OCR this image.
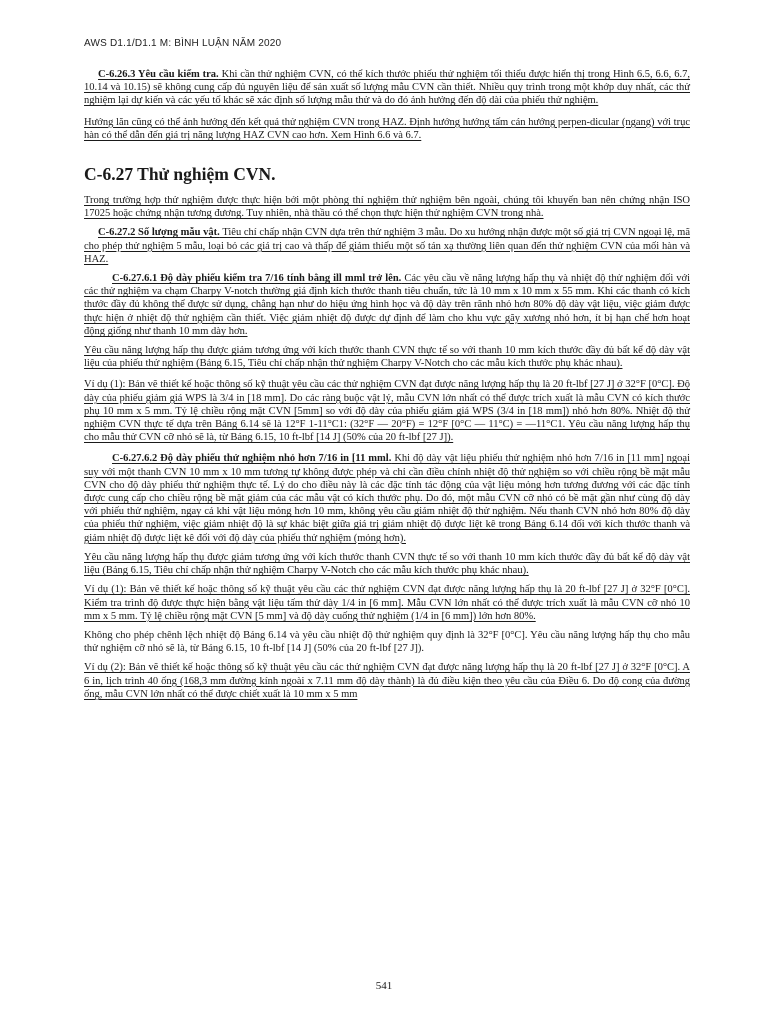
AWS D1.1/D1.1 M: BÌNH LUẬN NĂM 2020

C-6.26.3 Yêu cầu kiểm tra. Khi cần thử nghiệm CVN, có thể kích thước phiếu thử nghiệm tối thiểu được hiển thị trong Hình 6.5, 6.6, 6.7, 10.14 và 10.15) sẽ không cung cấp đủ nguyên liệu để sản xuất số lượng mẫu CVN cần thiết. Nhiều quy trình trong một khớp duy nhất, các thử nghiệm lại dự kiến và các yếu tố khác sẽ xác định số lượng mẫu thử và do đó ảnh hưởng đến độ dài của phiếu thử nghiệm.

Hướng lăn cũng có thể ảnh hưởng đến kết quả thử nghiệm CVN trong HAZ. Định hướng hướng tấm cán hướng perpen-dicular (ngang) với trục hàn có thể dẫn đến giá trị năng lượng HAZ CVN cao hơn. Xem Hình 6.6 và 6.7.

C-6.27 Thử nghiệm CVN.

Trong trường hợp thử nghiệm được thực hiện bởi một phòng thí nghiệm thử nghiệm bên ngoài, chúng tôi khuyến ban nên chứng nhận ISO 17025 hoặc chứng nhận tương đương. Tuy nhiên, nhà thầu có thể chọn thực hiện thử nghiệm CVN trong nhà.

C-6.27.2 Số lượng mẫu vật. Tiêu chí chấp nhận CVN dựa trên thử nghiệm 3 mẫu. Do xu hướng nhận được một số giá trị CVN ngoại lệ, mã cho phép thử nghiệm 5 mẫu, loại bỏ các giá trị cao và thấp để giảm thiểu một số tán xạ thường liên quan đến thử nghiệm CVN của mối hàn và HAZ.

C-6.27.6.1 Độ dày phiếu kiểm tra 7/16 tính bằng ill mml trở lên. Các yêu cầu về năng lượng hấp thụ và nhiệt độ thử nghiệm đối với các thử nghiệm va chạm Charpy V-notch thường giả định kích thước thanh tiêu chuẩn, tức là 10 mm x 10 mm x 55 mm. Khi các thanh có kích thước đầy đủ không thể được sử dụng, chẳng hạn như do hiệu ứng hình học và độ dày trên rãnh nhỏ hơn 80% độ dày vật liệu, việc giảm được thực hiện ở nhiệt độ thử nghiệm cần thiết. Việc giảm nhiệt độ được dự định để làm cho khu vực gãy xương nhỏ hơn, ít bị hạn chế hơn hoạt động giống như thanh 10 mm dày hơn.

Yêu cầu năng lượng hấp thụ được giảm tương ứng với kích thước thanh CVN thực tế so với thanh 10 mm kích thước đầy đủ bất kể độ dày vật liệu của phiếu thử nghiệm (Bảng 6.15, Tiêu chí chấp nhận thử nghiệm Charpy V-Notch cho các mẫu kích thước phụ khác nhau).

Ví dụ (1): Bản vẽ thiết kế hoặc thông số kỹ thuật yêu cầu các thử nghiệm CVN đạt được năng lượng hấp thụ là 20 ft-lbf [27 J] ở 32°F [0°C]. Độ dày của phiếu giảm giá WPS là 3/4 in [18 mm]. Do các ràng buộc vật lý, mẫu CVN lớn nhất có thể được trích xuất là mẫu CVN có kích thước phụ 10 mm x 5 mm. Tỷ lệ chiều rộng mặt CVN [5mm] so với độ dày của phiếu giảm giá WPS (3/4 in [18 mm]) nhỏ hơn 80%. Nhiệt độ thử nghiệm CVN thực tế dựa trên Bảng 6.14 sẽ là 12°F 1-11°C1: (32°F — 20°F) = 12°F [0°C — 11°C) = —11°C1. Yêu cầu năng lượng hấp thụ cho mẫu thử CVN cỡ nhỏ sẽ là, từ Bảng 6.15, 10 ft-lbf [14 J] (50% của 20 ft-lbf [27 J]).

C-6.27.6.2 Độ dày phiếu thử nghiệm nhỏ hơn 7/16 in [11 mml. Khi độ dày vật liệu phiếu thử nghiệm nhỏ hơn 7/16 in [11 mm] ngoại suy với một thanh CVN 10 mm x 10 mm tương tự không được phép và chỉ cần điều chỉnh nhiệt độ thử nghiệm so với chiều rộng bề mặt mẫu CVN cho độ dày phiếu thử nghiệm thực tế. Lý do cho điều này là các đặc tính tác động của vật liệu mỏng hơn tương đương với các đặc tính được cung cấp cho chiều rộng bề mặt giảm của các mẫu vật có kích thước phụ. Do đó, một mẫu CVN cỡ nhỏ có bề mặt gần như cùng độ dày với phiếu thử nghiệm, ngay cả khi vật liệu mỏng hơn 10 mm, không yêu cầu giảm nhiệt độ thử nghiệm. Nếu thanh CVN nhỏ hơn 80% độ dày của phiếu thử nghiệm, việc giảm nhiệt độ là sự khác biệt giữa giá trị giảm nhiệt độ được liệt kê trong Bảng 6.14 đối với kích thước thanh và giảm nhiệt độ được liệt kê đối với độ dày của phiếu thử nghiệm (mỏng hơn).

Yêu cầu năng lượng hấp thụ được giảm tương ứng với kích thước thanh CVN thực tế so với thanh 10 mm kích thước đầy đủ bất kể độ dày vật liệu (Bảng 6.15, Tiêu chí chấp nhận thử nghiệm Charpy V-Notch cho các mẫu kích thước phụ khác nhau).

Ví dụ (1): Bản vẽ thiết kế hoặc thông số kỹ thuật yêu cầu các thử nghiệm CVN đạt được năng lượng hấp thụ là 20 ft-lbf [27 J] ở 32°F [0°C]. Kiểm tra trình độ được thực hiện bằng vật liệu tấm thử dày 1/4 in [6 mm]. Mẫu CVN lớn nhất có thể được trích xuất là mẫu CVN cỡ nhỏ 10 mm x 5 mm. Tỷ lệ chiều rộng mặt CVN [5 mm] và độ dày cuống thử nghiệm (1/4 in [6 mm]) lớn hơn 80%.

Không cho phép chênh lệch nhiệt độ Bảng 6.14 và yêu cầu nhiệt độ thử nghiệm quy định là 32°F [0°C]. Yêu cầu năng lượng hấp thụ cho mẫu thử nghiệm cỡ nhỏ sẽ là, từ Bảng 6.15, 10 ft-lbf [14 J] (50% của 20 ft-lbf [27 J]).

Ví dụ (2): Bản vẽ thiết kế hoặc thông số kỹ thuật yêu cầu các thử nghiệm CVN đạt được năng lượng hấp thụ là 20 ft-lbf [27 J] ở 32°F [0°C]. A 6 in, lịch trình 40 ống (168,3 mm đường kính ngoài x 7.11 mm độ dày thành) là đủ điều kiện theo yêu cầu của Điều 6. Do độ cong của đường ống, mẫu CVN lớn nhất có thể được chiết xuất là 10 mm x 5 mm

541
